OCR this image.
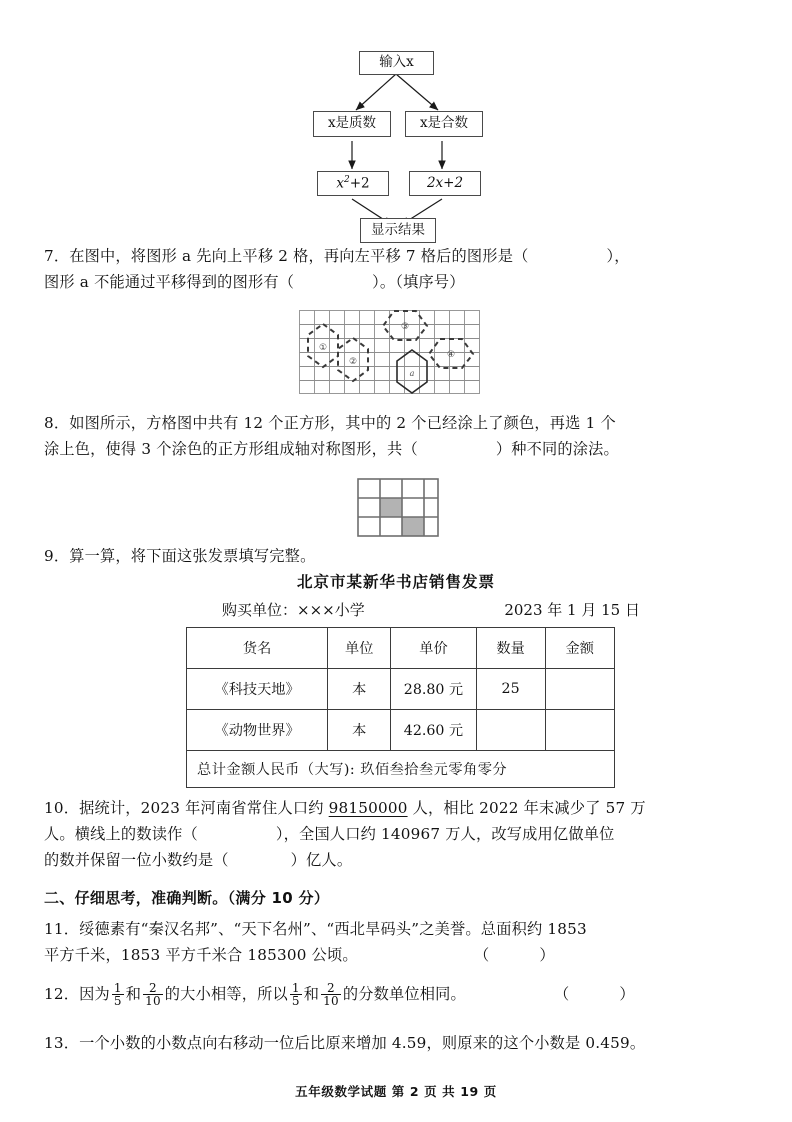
输入x
x是质数	x是合数
$x^2+2$	2x+2
显示结果
7．在图中，将图形 a 先向上平移 2 格，再向左平移 7 格后的图形是（	），
图形 a 不能通过平移得到的图形有（	）。（填序号）
①
②
③
④
a
8．如图所示，方格图中共有 12 个正方形，其中的 2 个已经涂上了颜色，再选 1 个
涂上色，使得 3 个涂色的正方形组成轴对称图形，共（	）种不同的涂法。
9．算一算，将下面这张发票填写完整。
北京市某新华书店销售发票
购买单位：×××小学	2023 年 1 月 15 日
货名	单位	单价	数量	金额
《科技天地》	本	28.80 元	25	
《动物世界》	本	42.60 元		
总计金额人民币（大写): 玖佰叁拾叁元零角零分				
10．据统计，2023 年河南省常住人口约 98150000 人，相比 2022 年末减少了 57 万
人。横线上的数读作（	），全国人口约 140967 万人，改写成用亿做单位
的数并保留一位小数约是（	）亿人。
二、仔细思考，准确判断。（满分 10 分）
11．绥德素有“秦汉名邦”、“天下名州”、“西北旱码头”之美誉。总面积约 1853
平方千米，1853 平方千米合 185300 公顷。	（	）
12．因为 $\frac{1}{5}$ 和 $\frac{2}{10}$ 的大小相等，所以 $\frac{1}{5}$ 和 $\frac{2}{10}$ 的分数单位相同。	（	）
13．一个小数的小数点向右移动一位后比原来增加 4.59，则原来的这个小数是 0.459。
五年级数学试题 第 2 页 共 19 页
